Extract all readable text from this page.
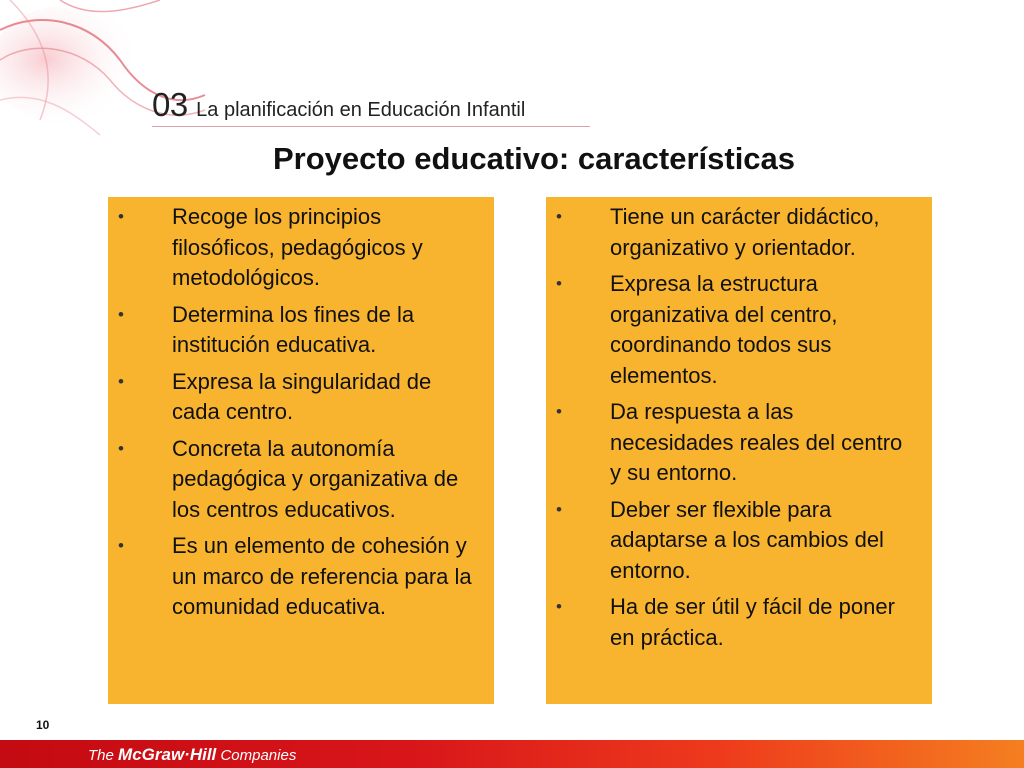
03 La planificación en Educación Infantil
Proyecto educativo: características
• Recoge los principios filosóficos, pedagógicos y metodológicos.
• Determina los fines de la institución educativa.
• Expresa la singularidad de cada centro.
• Concreta la autonomía pedagógica y organizativa de los centros educativos.
• Es un elemento de cohesión y un marco de referencia para la comunidad educativa.
• Tiene un carácter didáctico, organizativo y orientador.
• Expresa la estructura organizativa del centro, coordinando todos sus elementos.
• Da respuesta a las necesidades reales del centro y su entorno.
• Deber ser flexible para adaptarse a los cambios del entorno.
• Ha de ser útil y fácil de poner en práctica.
10
The McGraw·Hill Companies
